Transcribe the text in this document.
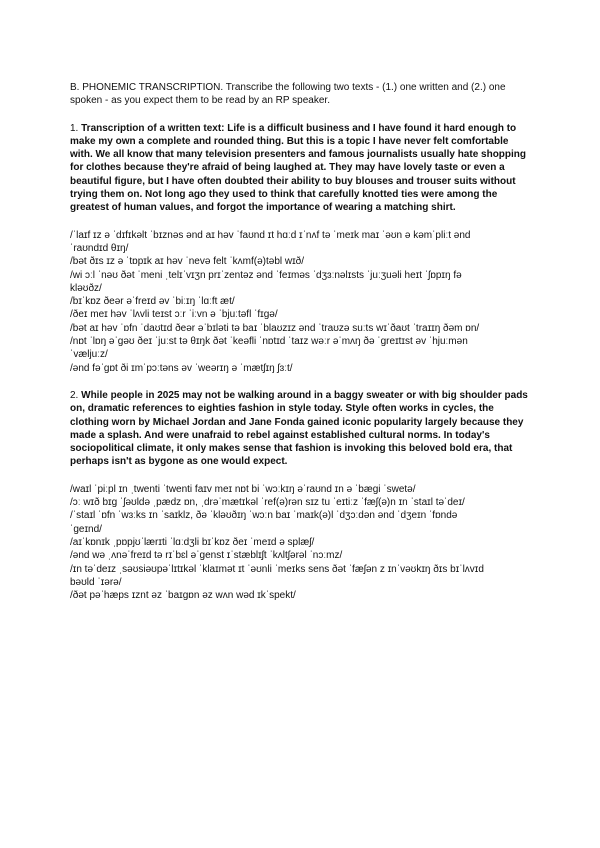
B. PHONEMIC TRANSCRIPTION. Transcribe the following two texts - (1.) one written and (2.) one spoken - as you expect them to be read by an RP speaker.

1. Transcription of a written text: Life is a difficult business and I have found it hard enough to make my own a complete and rounded thing. But this is a topic I have never felt comfortable with. We all know that many television presenters and famous journalists usually hate shopping for clothes because they're afraid of being laughed at. They may have lovely taste or even a beautiful figure, but I have often doubted their ability to buy blouses and trouser suits without trying them on. Not long ago they used to think that carefully knotted ties were among the greatest of human values, and forgot the importance of wearing a matching shirt.

/ˈlaɪf ɪz ə ˈdɪfɪkəlt ˈbɪznəs ənd aɪ həv ˈfaʊnd ɪt hɑːd ɪˈnʌf tə ˈmeɪk maɪ ˈəʊn ə kəmˈpliːt ənd

ˈraʊndɪd θɪŋ/

/bət ðɪs ɪz ə ˈtɒpɪk aɪ həv ˈnevə felt ˈkʌmf(ə)təbl wɪð/

/wi ɔːl ˈnəʊ ðət ˈmeni ˌtelɪˈvɪʒn prɪˈzentəz ənd ˈfeɪməs ˈdʒɜːnəlɪsts ˈjuːʒuəli heɪt ˈʃɒpɪŋ fə

kləʊðz/

/bɪˈkɒz ðeər əˈfreɪd əv ˈbiːɪŋ ˈlɑːft æt/

/ðeɪ meɪ həv ˈlʌvli teɪst ɔːr ˈiːvn ə ˈbjuːtəfl ˈfɪgə/

/bət aɪ həv ˈɒfn ˈdaʊtɪd ðeər əˈbɪləti tə baɪ ˈblaʊzɪz ənd ˈtraʊzə suːts wɪˈðaʊt ˈtraɪɪŋ ðəm ɒn/

/nɒt ˈlɒŋ əˈgəʊ ðeɪ ˈjuːst tə θɪŋk ðət ˈkeəfli ˈnɒtɪd ˈtaɪz wəːr əˈmʌŋ ðə ˈgreɪtɪst əv ˈhjuːmən

ˈvæljuːz/

/ənd fəˈgɒt ði ɪmˈpɔːtəns əv ˈweərɪŋ ə ˈmætʃɪŋ ʃɜːt/

2. While people in 2025 may not be walking around in a baggy sweater or with big shoulder pads on, dramatic references to eighties fashion in style today. Style often works in cycles, the clothing worn by Michael Jordan and Jane Fonda gained iconic popularity largely because they made a splash. And were unafraid to rebel against established cultural norms. In today's sociopolitical climate, it only makes sense that fashion is invoking this beloved bold era, that perhaps isn't as bygone as one would expect.

/waɪl ˈpiːpl ɪn ˌtwenti ˈtwenti faɪv meɪ nɒt bi ˈwɔːkɪŋ əˈraʊnd ɪn ə ˈbægi ˈswetə/

/ɔː wɪð bɪg ˈʃəʊldə ˌpædz ɒn, ˌdrəˈmætɪkəl ˈref(ə)rən sɪz tu ˈeɪtiːz ˈfæʃ(ə)n ɪn ˈstaɪl təˈdeɪ/

/ˈstaɪl ˈɒfn ˈwɜːks ɪn ˈsaɪklz, ðə ˈkləʊðɪŋ ˈwɔːn baɪ ˈmaɪk(ə)l ˈdʒɔːdən ənd ˈdʒeɪn ˈfɒndə

ˈgeɪnd/

/aɪˈkɒnɪk ˌpɒpjʊˈlærɪti ˈlɑːdʒli bɪˈkɒz ðeɪ ˈmeɪd ə splæʃ/

/ənd wə ˌʌnəˈfreɪd tə rɪˈbɛl əˈgenst ɪˈstæblɪʃt ˈkʌltʃərəl ˈnɔːmz/

/ɪn təˈdeɪz ˌsəʊsiəʊpəˈlɪtɪkəl ˈklaɪmət ɪt ˈəʊnli ˈmeɪks sens ðət ˈfæʃən z ɪnˈvəʊkɪŋ ðɪs bɪˈlʌvɪd

bəʊld ˈɪərə/

/ðət pəˈhæps ɪznt əz ˈbaɪgɒn əz wʌn wəd ɪkˈspekt/
